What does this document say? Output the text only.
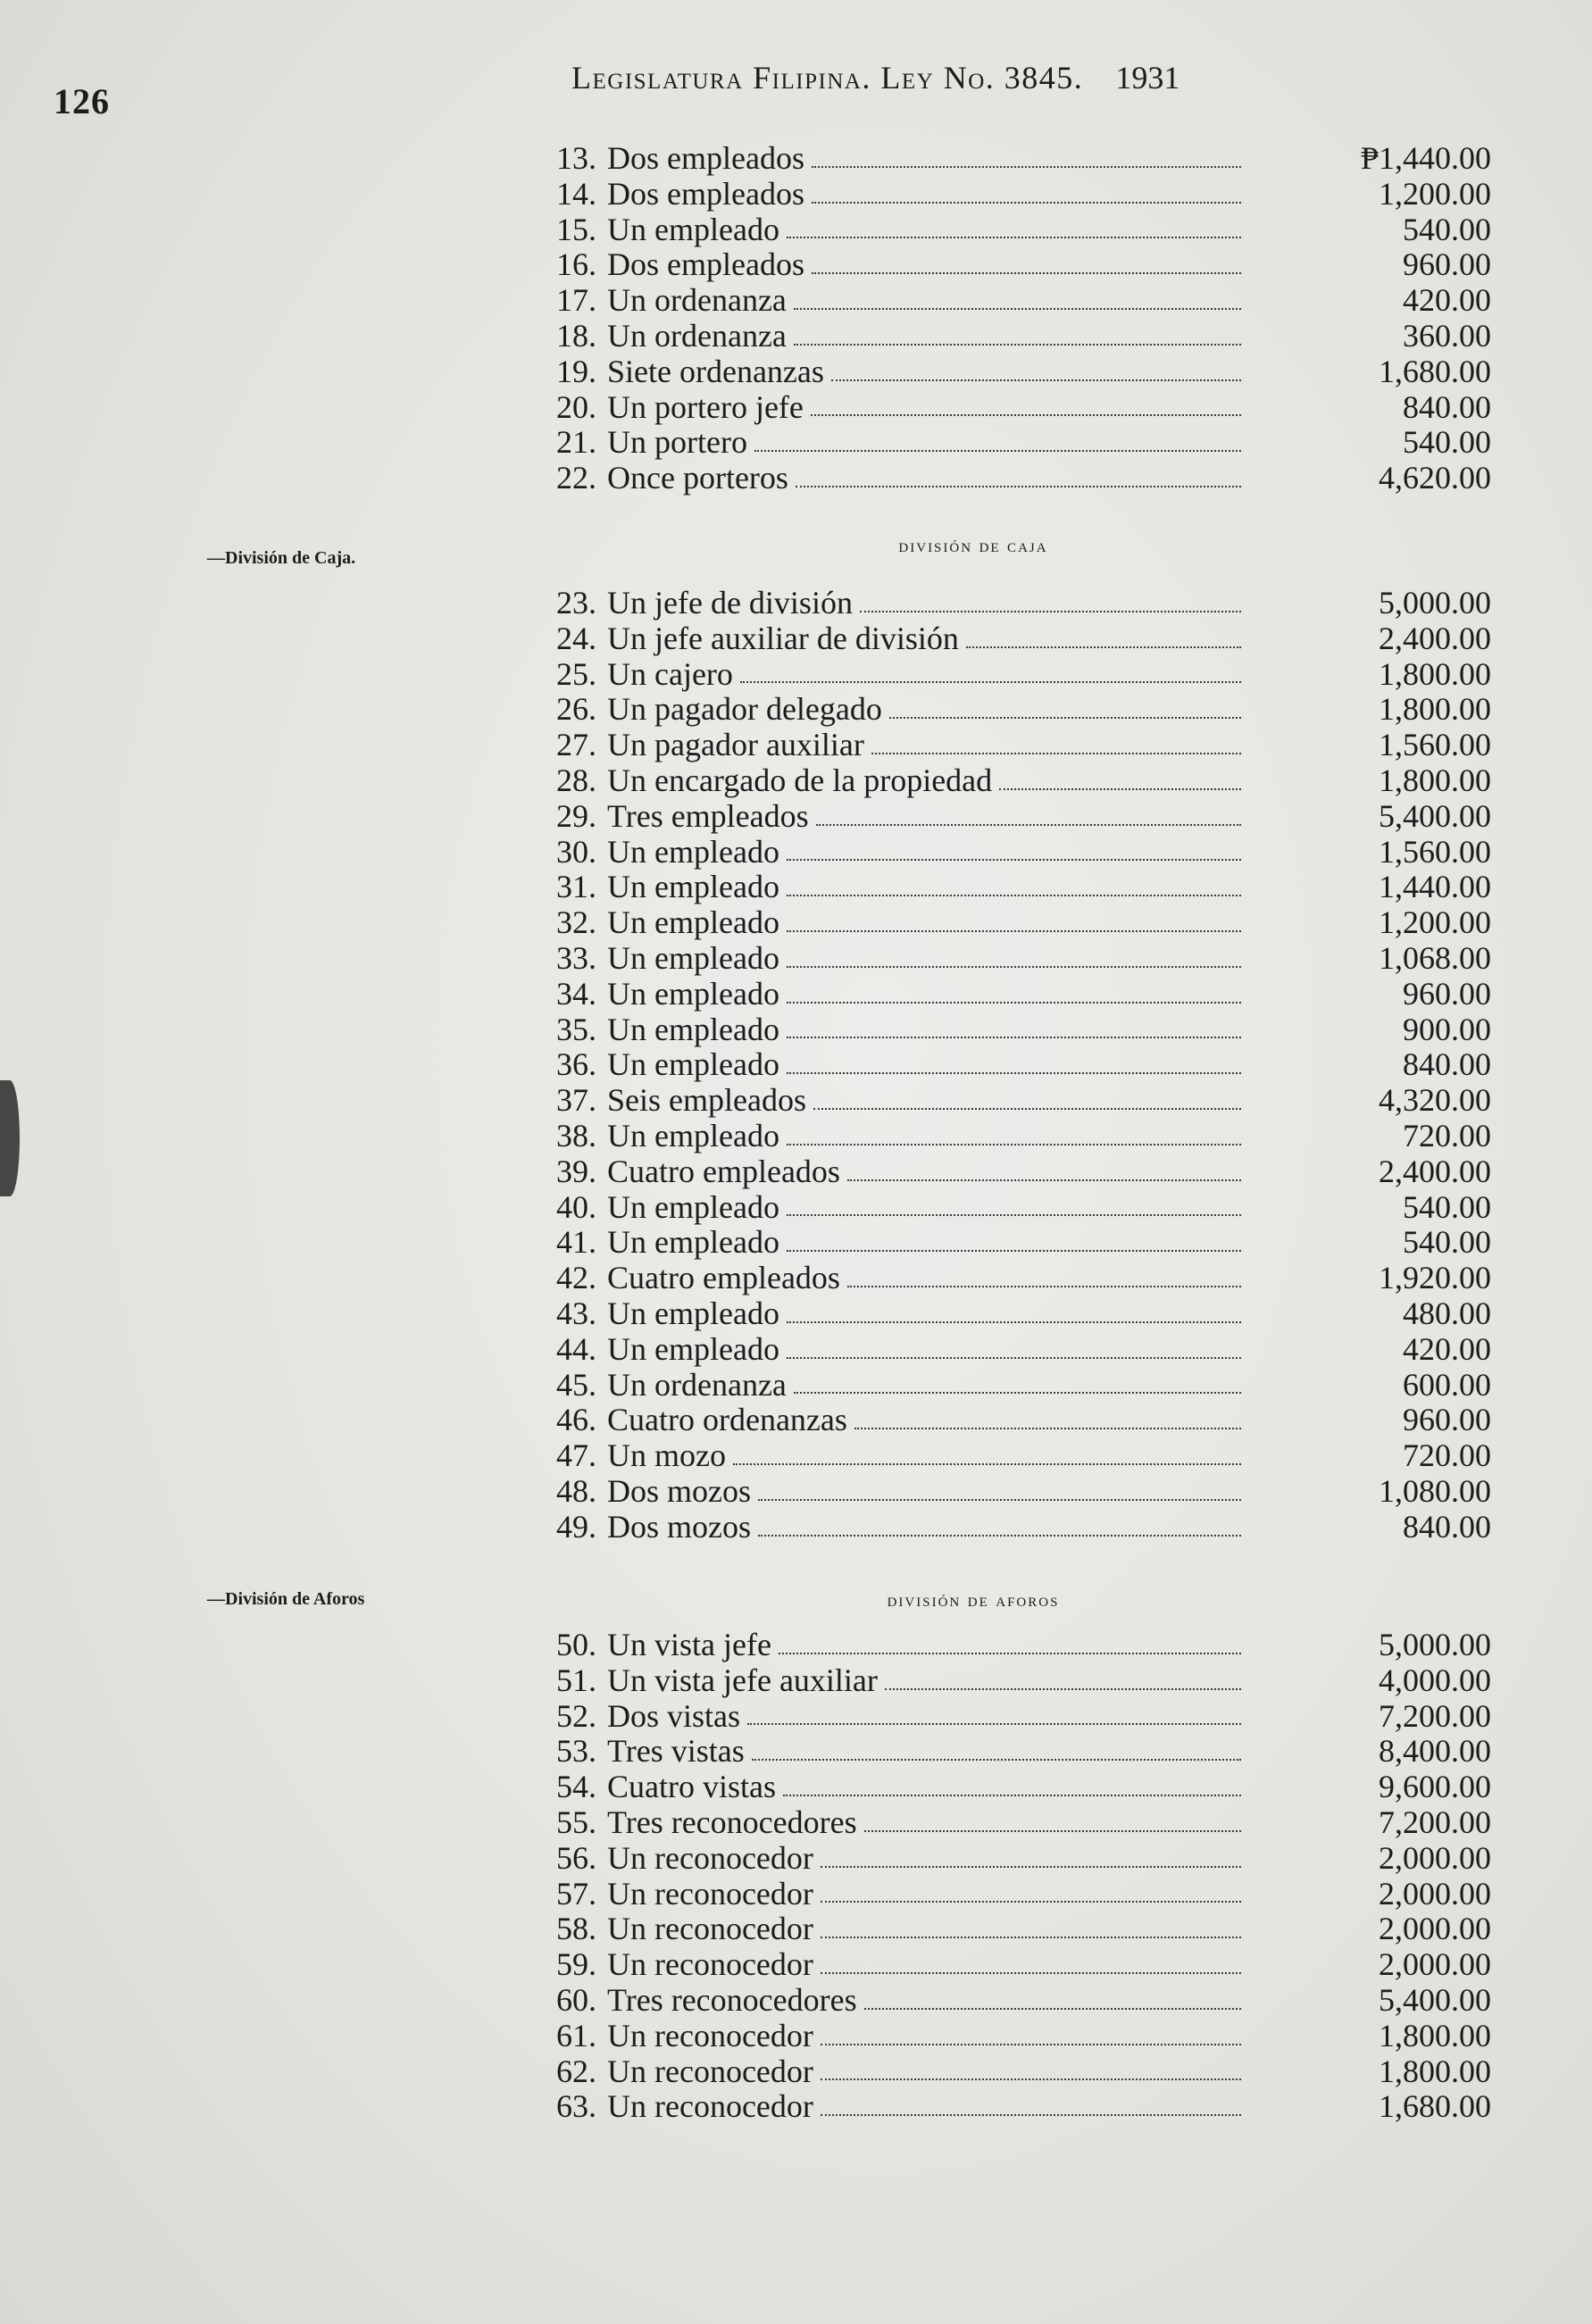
126
Legislatura Filipina. Ley No. 3845. 1931
13. Dos empleados	₱1,440.00
14. Dos empleados	1,200.00
15. Un empleado	540.00
16. Dos empleados	960.00
17. Un ordenanza	420.00
18. Un ordenanza	360.00
19. Siete ordenanzas	1,680.00
20. Un portero jefe	840.00
21. Un portero	540.00
22. Once porteros	4,620.00
—División de Caja.
división de caja
23. Un jefe de división	5,000.00
24. Un jefe auxiliar de división	2,400.00
25. Un cajero	1,800.00
26. Un pagador delegado	1,800.00
27. Un pagador auxiliar	1,560.00
28. Un encargado de la propiedad	1,800.00
29. Tres empleados	5,400.00
30. Un empleado	1,560.00
31. Un empleado	1,440.00
32. Un empleado	1,200.00
33. Un empleado	1,068.00
34. Un empleado	960.00
35. Un empleado	900.00
36. Un empleado	840.00
37. Seis empleados	4,320.00
38. Un empleado	720.00
39. Cuatro empleados	2,400.00
40. Un empleado	540.00
41. Un empleado	540.00
42. Cuatro empleados	1,920.00
43. Un empleado	480.00
44. Un empleado	420.00
45. Un ordenanza	600.00
46. Cuatro ordenanzas	960.00
47. Un mozo	720.00
48. Dos mozos	1,080.00
49. Dos mozos	840.00
—División de Aforos	división de aforos
50. Un vista jefe	5,000.00
51. Un vista jefe auxiliar	4,000.00
52. Dos vistas	7,200.00
53. Tres vistas	8,400.00
54. Cuatro vistas	9,600.00
55. Tres reconocedores	7,200.00
56. Un reconocedor	2,000.00
57. Un reconocedor	2,000.00
58. Un reconocedor	2,000.00
59. Un reconocedor	2,000.00
60. Tres reconocedores	5,400.00
61. Un reconocedor	1,800.00
62. Un reconocedor	1,800.00
63. Un reconocedor	1,680.00
